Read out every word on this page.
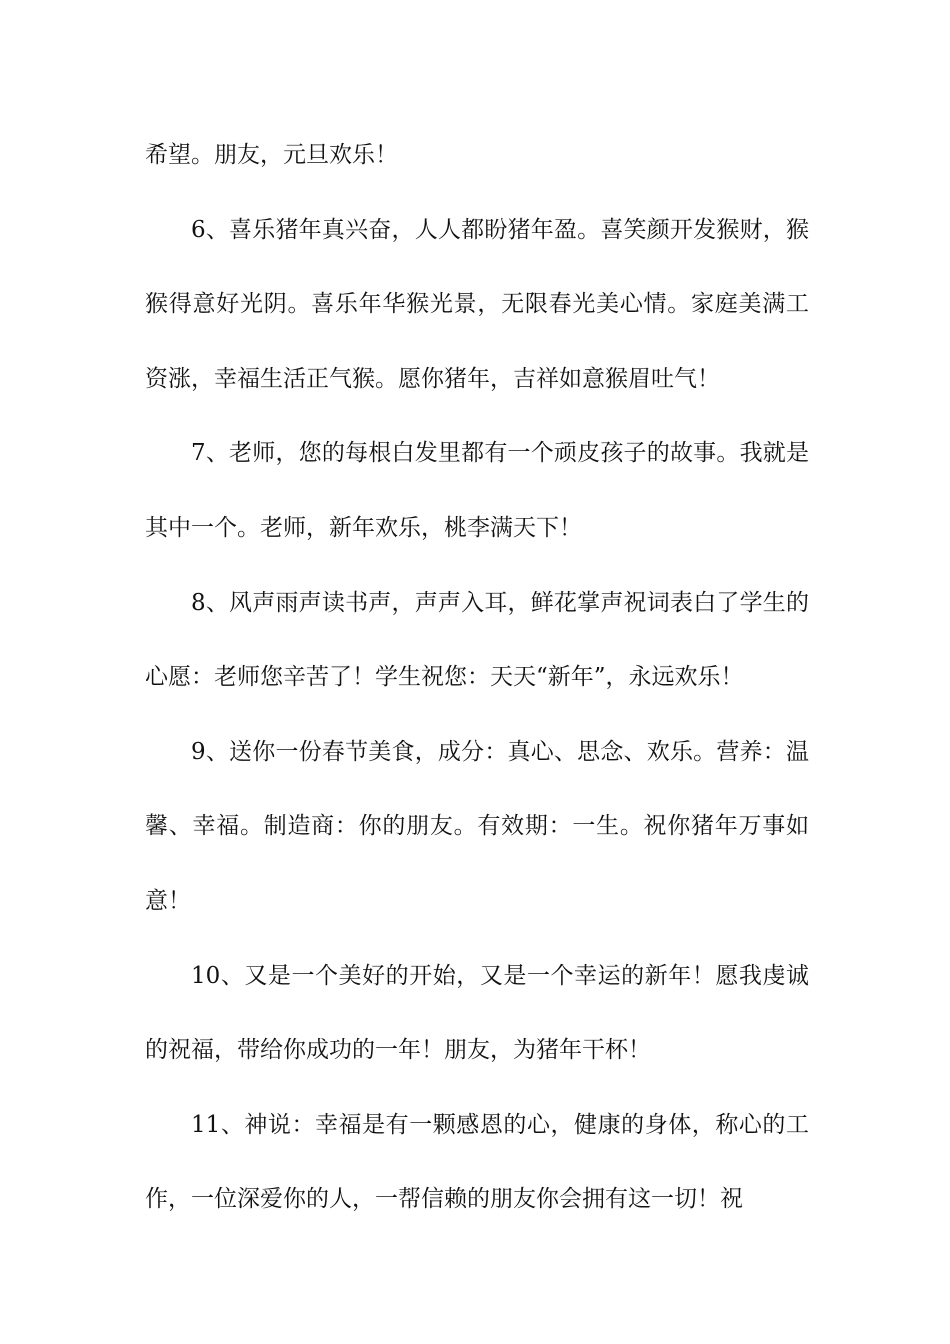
希望。朋友，元旦欢乐！

6、喜乐猪年真兴奋，人人都盼猪年盈。喜笑颜开发猴财，猴猴得意好光阴。喜乐年华猴光景，无限春光美心情。家庭美满工资涨，幸福生活正气猴。愿你猪年，吉祥如意猴眉吐气！

7、老师，您的每根白发里都有一个顽皮孩子的故事。我就是其中一个。老师，新年欢乐，桃李满天下！

8、风声雨声读书声，声声入耳，鲜花掌声祝词表白了学生的心愿：老师您辛苦了！学生祝您：天天“新年”，永远欢乐！

9、送你一份春节美食，成分：真心、思念、欢乐。营养：温馨、幸福。制造商：你的朋友。有效期：一生。祝你猪年万事如意！

10、又是一个美好的开始，又是一个幸运的新年！愿我虔诚的祝福，带给你成功的一年！朋友，为猪年干杯！

11、神说：幸福是有一颗感恩的心，健康的身体，称心的工作，一位深爱你的人，一帮信赖的朋友你会拥有这一切！祝
